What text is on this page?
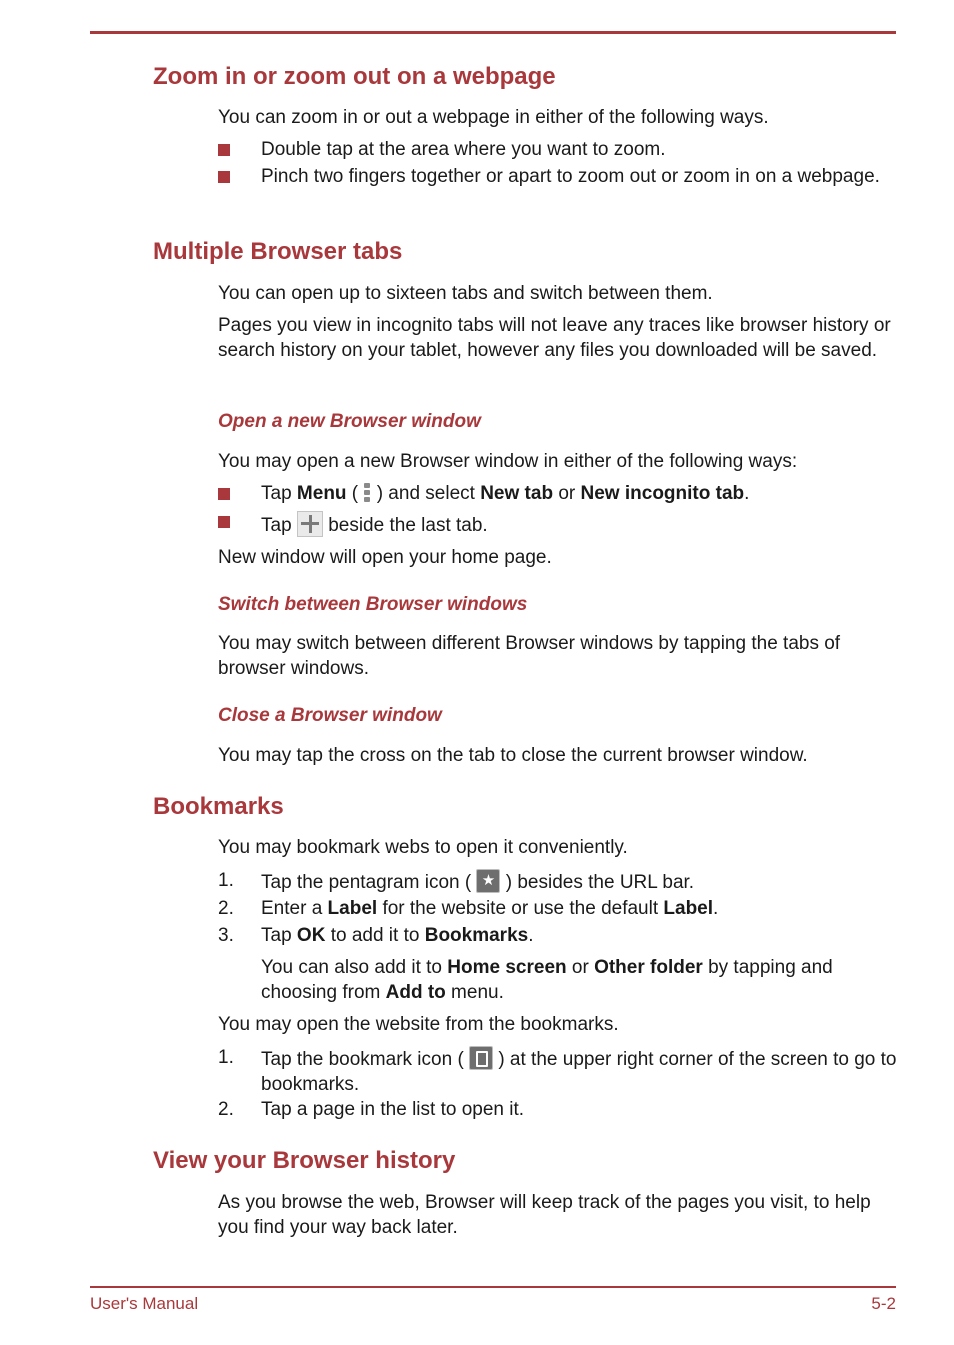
Zoom in or zoom out on a webpage

You can zoom in or out a webpage in either of the following ways.

Double tap at the area where you want to zoom.

Pinch two fingers together or apart to zoom out or zoom in on a webpage.

Multiple Browser tabs

You can open up to sixteen tabs and switch between them.

Pages you view in incognito tabs will not leave any traces like browser history or search history on your tablet, however any files you downloaded will be saved.

Open a new Browser window

You may open a new Browser window in either of the following ways:

Tap Menu ( ) and select New tab or New incognito tab.

Tap  beside the last tab.

New window will open your home page.

Switch between Browser windows

You may switch between different Browser windows by tapping the tabs of browser windows.

Close a Browser window

You may tap the cross on the tab to close the current browser window.

Bookmarks

You may bookmark webs to open it conveniently.

1. Tap the pentagram icon ( ★ ) besides the URL bar.

2. Enter a Label for the website or use the default Label.

3. Tap OK to add it to Bookmarks.

You can also add it to Home screen or Other folder by tapping and choosing from Add to menu.

You may open the website from the bookmarks.

1. Tap the bookmark icon (  ) at the upper right corner of the screen to go to bookmarks.

2. Tap a page in the list to open it.

View your Browser history

As you browse the web, Browser will keep track of the pages you visit, to help you find your way back later.

User's Manual	5-2
